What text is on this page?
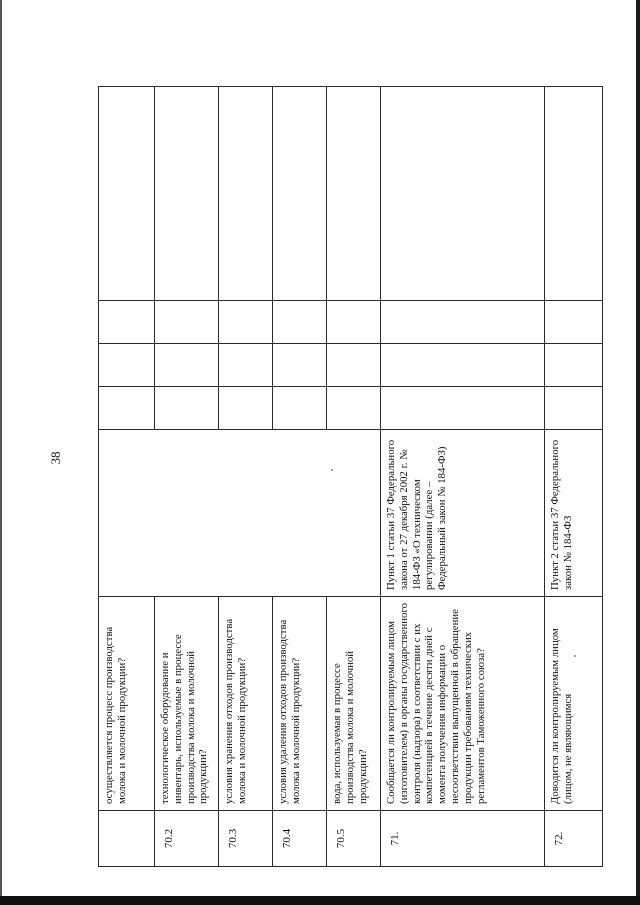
38
	осуществляется процесс производства молока и молочной продукции?					
70.2	технологическое оборудование и инвентарь, используемые в процессе производства молока и молочной продукции?					
70.3	условия хранения отходов производства молока и молочной продукции?					
70.4	условия удаления отходов производства молока и молочной продукции?					
70.5	вода, используемая в процессе производства молока и молочной продукции?					
71.	Сообщается ли контролируемым лицом (изготовителем) в органы государственного контроля (надзора) в соответствии с их компетенцией в течение десяти дней с момента получения информации о несоответствии выпущенной в обращение продукции требованиям технических регламентов Таможенного союза?	Пункт 1 статьи 37 Федерального закона от 27 декабря 2002 г. № 184-ФЗ «О техническом регулировании (далее – Федеральный закон № 184-ФЗ)				
72.	Доводится ли контролируемым лицом (лицом, не являющимся	Пункт 2 статьи 37 Федерального закон № 184-ФЗ				
